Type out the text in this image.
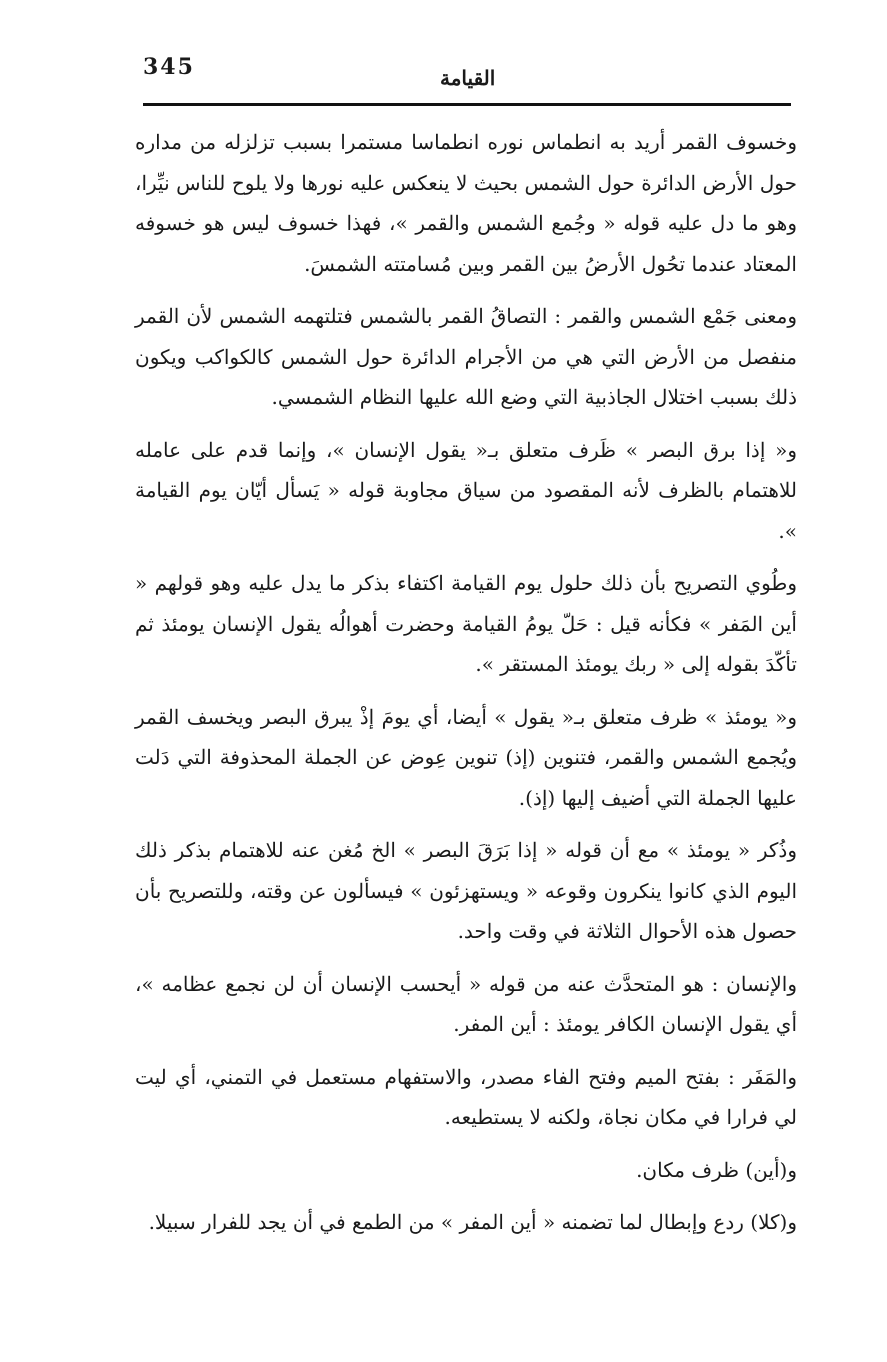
345	القيامة

وخسوف القمر أريد به انطماس نوره انطماسا مستمرا بسبب تزلزله من مداره حول الأرض الدائرة حول الشمس بحيث لا ينعكس عليه نورها ولا يلوح للناس نيِّرا، وهو ما دل عليه قوله « وجُمع الشمس والقمر »، فهذا خسوف ليس هو خسوفه المعتاد عندما تحُول الأرضُ بين القمر وبين مُسامتته الشمسَ.

ومعنى جَمْع الشمس والقمر : التصاقُ القمر بالشمس فتلتهمه الشمس لأن القمر منفصل من الأرض التي هي من الأجرام الدائرة حول الشمس كالكواكب ويكون ذلك بسبب اختلال الجاذبية التي وضع الله عليها النظام الشمسي.

و« إذا برق البصر » ظَرف متعلق بـ« يقول الإنسان »، وإنما قدم على عامله للاهتمام بالظرف لأنه المقصود من سياق مجاوبة قوله « يَسأل أيّان يوم القيامة ».

وطُوي التصريح بأن ذلك حلول يوم القيامة اكتفاء بذكر ما يدل عليه وهو قولهم « أين المَفر » فكأنه قيل : حَلّ يومُ القيامة وحضرت أهوالُه يقول الإنسان يومئذ ثم تأكّدَ بقوله إلى « ربك يومئذ المستقر ».

و« يومئذ » ظرف متعلق بـ« يقول » أيضا، أي يومَ إذْ يبرق البصر ويخسف القمر ويُجمع الشمس والقمر، فتنوين (إذ) تنوين عِوض عن الجملة المحذوفة التي دَلت عليها الجملة التي أضيف إليها (إذ).

وذُكر « يومئذ » مع أن قوله « إذا بَرَقَ البصر » الخ مُغن عنه للاهتمام بذكر ذلك اليوم الذي كانوا ينكرون وقوعه « ويستهزئون » فيسألون عن وقته، وللتصريح بأن حصول هذه الأحوال الثلاثة في وقت واحد.

والإنسان : هو المتحدَّث عنه من قوله « أيحسب الإنسان أن لن نجمع عظامه »، أي يقول الإنسان الكافر يومئذ : أين المفر.

والمَفَر : بفتح الميم وفتح الفاء مصدر، والاستفهام مستعمل في التمني، أي ليت لي فرارا في مكان نجاة، ولكنه لا يستطيعه.

و(أين) ظرف مكان.

و(كلا) ردع وإبطال لما تضمنه « أين المفر » من الطمع في أن يجد للفرار سبيلا.
